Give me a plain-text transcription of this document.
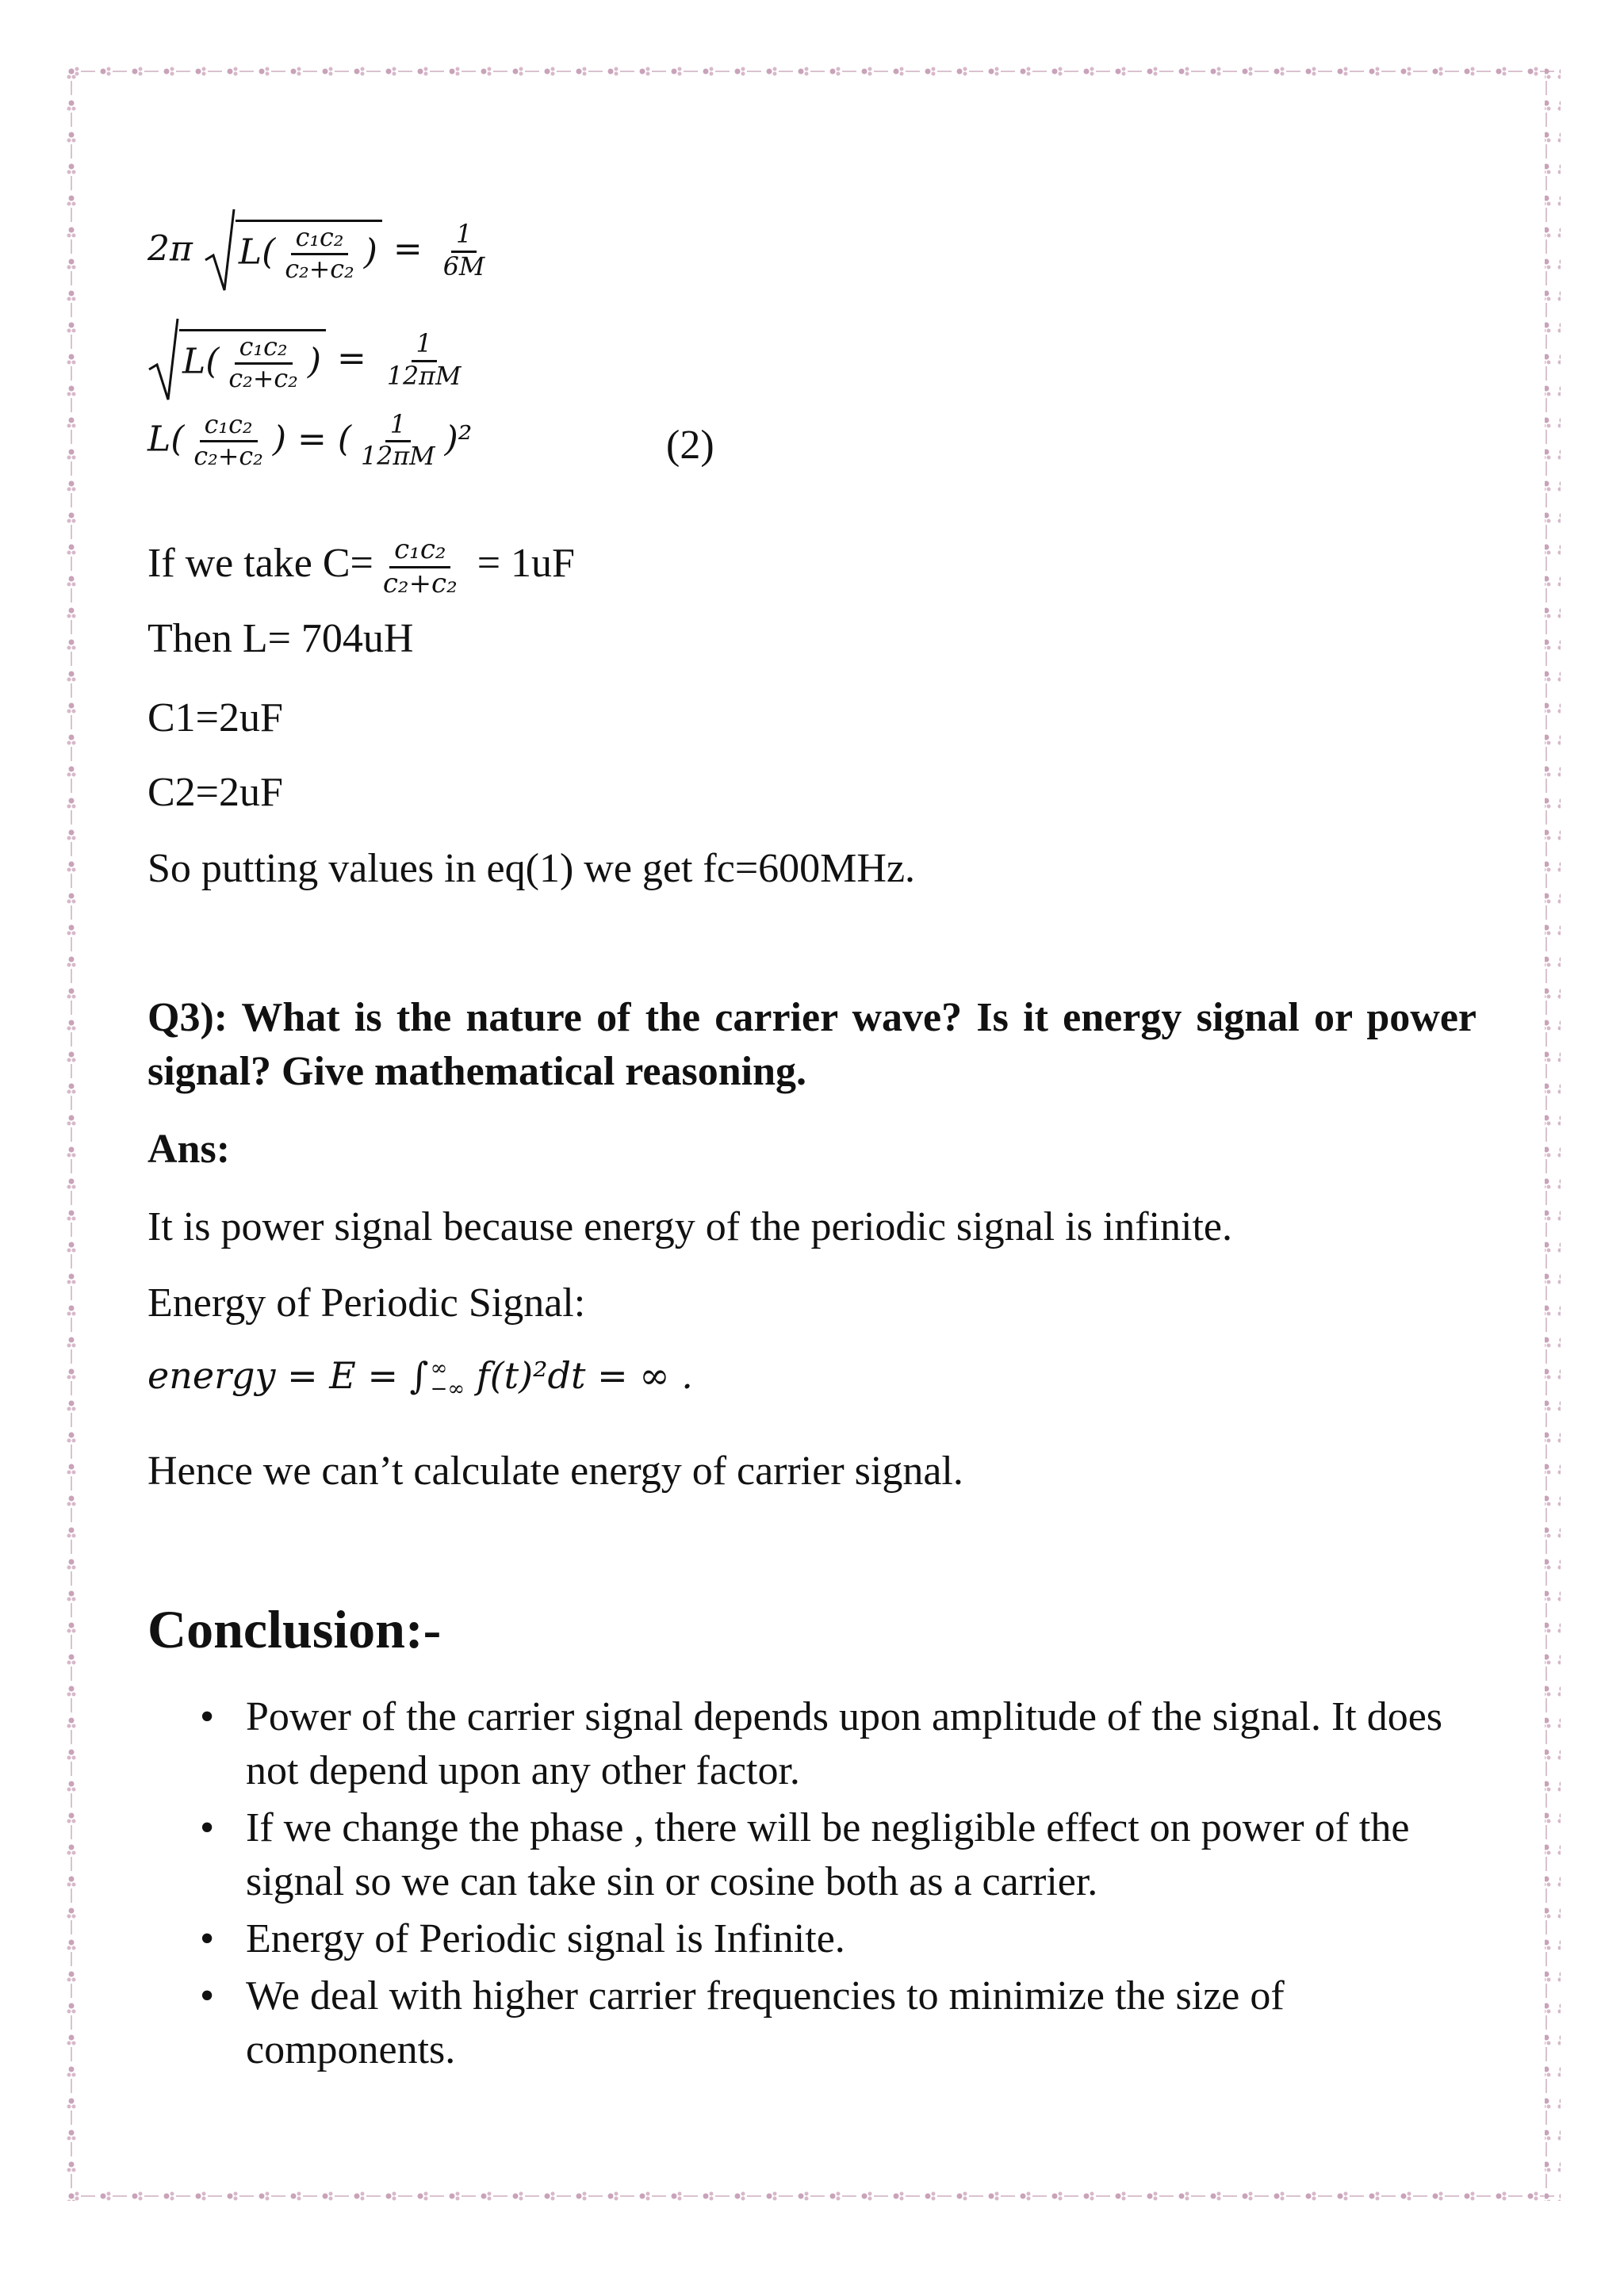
2π $L( \frac{\text{c₁c₂}}{\text{c₂+c₂}}$ ) = $\frac{1}{6M}$
$L( \frac{\text{c₁c₂}}{\text{c₂+c₂}}$ ) = $\frac{1}{12\pi M}$
$L( \frac{\text{c₁c₂}}{\text{c₂+c₂}}$ ) = ( $\frac{1}{12\pi M} )^2$	(2)
If we take $C= \frac{\text{c₁c₂}}{\text{c₂+c₂}} = 1uF$
Then L= 704uH
C1=2uF
C2=2uF
So putting values in eq(1) we get fc=600MHz.
Q3): What is the nature of the carrier wave? Is it energy signal or power signal? Give mathematical reasoning.
Ans:
It is power signal because energy of the periodic signal is infinite.
Energy of Periodic Signal:
energy = E = ∫ ∞
−∞ f(t)²dt = ∞ .
Hence we can’t calculate energy of carrier signal.
Conclusion:-
• Power of the carrier signal depends upon amplitude of the signal. It does not depend upon any other factor.
• If we change the phase , there will be negligible effect on power of the signal so we can take sin or cosine both as a carrier.
• Energy of Periodic signal is Infinite.
• We deal with higher carrier frequencies to minimize the size of components.
